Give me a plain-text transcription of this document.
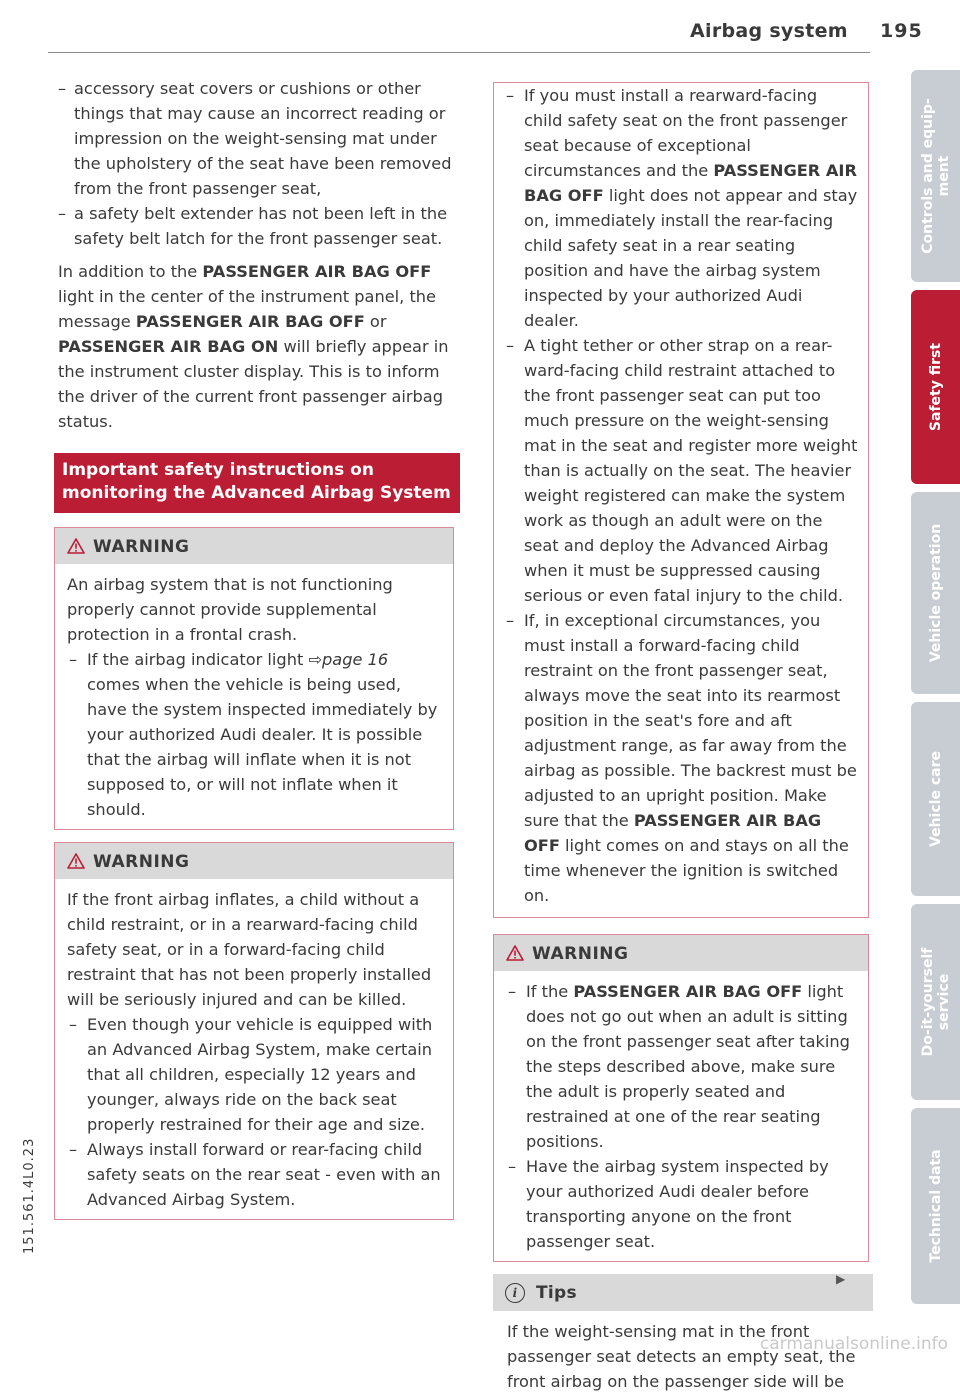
Airbag system 195

– accessory seat covers or cushions or other things that may cause an incorrect reading or impression on the weight-sensing mat under the upholstery of the seat have been removed from the front passenger seat,

– a safety belt extender has not been left in the safety belt latch for the front passenger seat.

In addition to the PASSENGER AIR BAG OFF light in the center of the instrument panel, the message PASSENGER AIR BAG OFF or PASSENGER AIR BAG ON will briefly appear in the instrument cluster display. This is to inform the driver of the current front passenger airbag status.

Important safety instructions on monitoring the Advanced Airbag System
WARNING

An airbag system that is not functioning properly cannot provide supplemental protection in a frontal crash.

– If the airbag indicator light ⇨page 16 comes when the vehicle is being used, have the system inspected immediately by your authorized Audi dealer. It is possible that the airbag will inflate when it is not supposed to, or will not inflate when it should.

WARNING

If the front airbag inflates, a child without a child restraint, or in a rearward-facing child safety seat, or in a forward-facing child restraint that has not been properly installed will be seriously injured and can be killed.

– Even though your vehicle is equipped with an Advanced Airbag System, make certain that all children, especially 12 years and younger, always ride on the back seat properly restrained for their age and size.

– Always install forward or rear-facing child safety seats on the rear seat - even with an Advanced Airbag System.

– If you must install a rearward-facing child safety seat on the front passenger seat because of exceptional circumstances and the PASSENGER AIR BAG OFF light does not appear and stay on, immediately install the rear-facing child safety seat in a rear seating position and have the airbag system inspected by your authorized Audi dealer.

– A tight tether or other strap on a rear-ward-facing child restraint attached to the front passenger seat can put too much pressure on the weight-sensing mat in the seat and register more weight than is actually on the seat. The heavier weight registered can make the system work as though an adult were on the seat and deploy the Advanced Airbag when it must be suppressed causing serious or even fatal injury to the child.

– If, in exceptional circumstances, you must install a forward-facing child restraint on the front passenger seat, always move the seat into its rearmost position in the seat's fore and aft adjustment range, as far away from the airbag as possible. The backrest must be adjusted to an upright position. Make sure that the PASSENGER AIR BAG OFF light comes on and stays on all the time whenever the ignition is switched on.

WARNING

– If the PASSENGER AIR BAG OFF light does not go out when an adult is sitting on the front passenger seat after taking the steps described above, make sure the adult is properly seated and restrained at one of the rear seating positions.

– Have the airbag system inspected by your authorized Audi dealer before transporting anyone on the front passenger seat.

i	Tips

If the weight-sensing mat in the front passenger seat detects an empty seat, the front airbag on the passenger side will be

▶
Controls and equip-
ment
Safety first
Vehicle operation
Vehicle care
Do-it-yourself
service
Technical data
151.561.4L0.23
carmanualsonline.info
